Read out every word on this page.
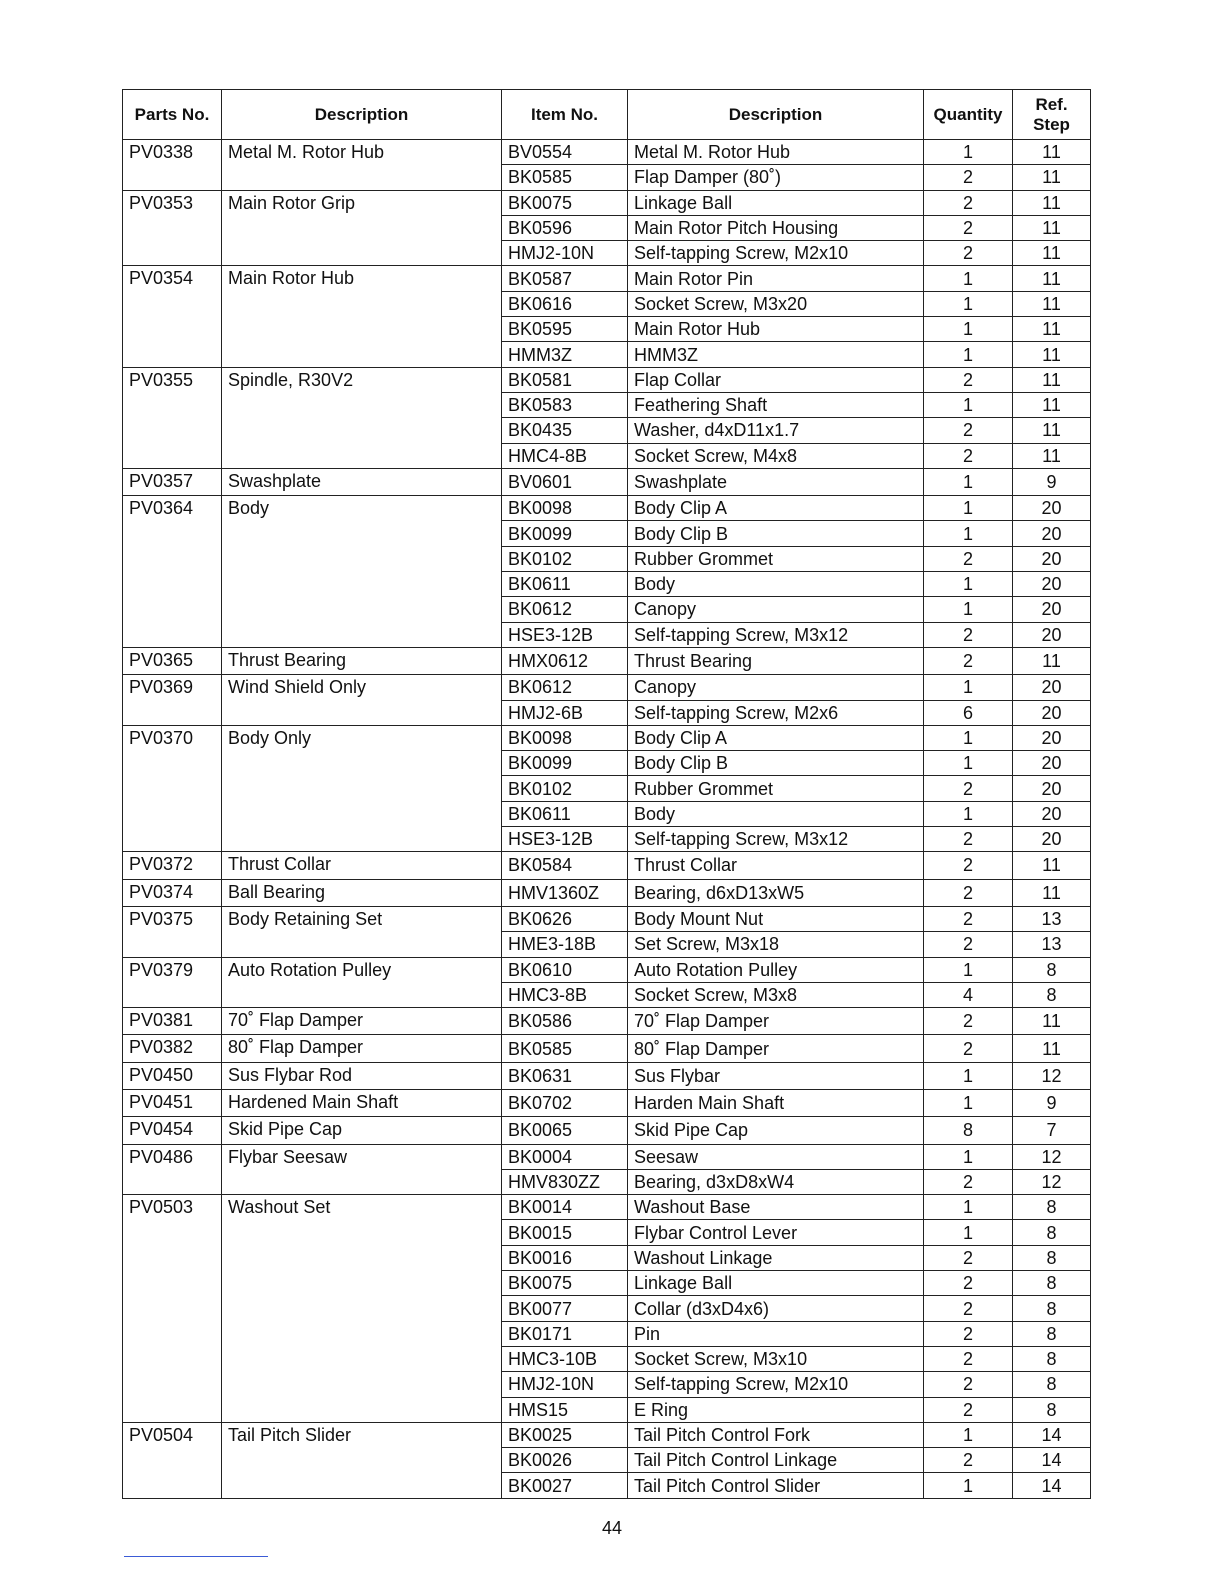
Parts No.	Description	Item No.	Description	Quantity	Ref.
Step
PV0338	Metal M. Rotor Hub	BV0554	Metal M. Rotor Hub	1	11
		BK0585	Flap Damper (80˚)	2	11
PV0353	Main Rotor Grip	BK0075	Linkage Ball	2	11
		BK0596	Main Rotor Pitch Housing	2	11
		HMJ2-10N	Self-tapping Screw, M2x10	2	11
PV0354	Main Rotor Hub	BK0587	Main Rotor Pin	1	11
		BK0616	Socket Screw, M3x20	1	11
		BK0595	Main Rotor Hub	1	11
		HMM3Z	HMM3Z	1	11
PV0355	Spindle, R30V2	BK0581	Flap Collar	2	11
		BK0583	Feathering Shaft	1	11
		BK0435	Washer, d4xD11x1.7	2	11
		HMC4-8B	Socket Screw, M4x8	2	11
PV0357	Swashplate	BV0601	Swashplate	1	9
PV0364	Body	BK0098	Body Clip A	1	20
		BK0099	Body Clip B	1	20
		BK0102	Rubber Grommet	2	20
		BK0611	Body	1	20
		BK0612	Canopy	1	20
		HSE3-12B	Self-tapping Screw, M3x12	2	20
PV0365	Thrust Bearing	HMX0612	Thrust Bearing	2	11
PV0369	Wind Shield Only	BK0612	Canopy	1	20
		HMJ2-6B	Self-tapping Screw, M2x6	6	20
PV0370	Body Only	BK0098	Body Clip A	1	20
		BK0099	Body Clip B	1	20
		BK0102	Rubber Grommet	2	20
		BK0611	Body	1	20
		HSE3-12B	Self-tapping Screw, M3x12	2	20
PV0372	Thrust Collar	BK0584	Thrust Collar	2	11
PV0374	Ball Bearing	HMV1360Z	Bearing, d6xD13xW5	2	11
PV0375	Body Retaining Set	BK0626	Body Mount Nut	2	13
		HME3-18B	Set Screw, M3x18	2	13
PV0379	Auto Rotation Pulley	BK0610	Auto Rotation Pulley	1	8
		HMC3-8B	Socket Screw, M3x8	4	8
PV0381	70˚ Flap Damper	BK0586	70˚ Flap Damper	2	11
PV0382	80˚ Flap Damper	BK0585	80˚ Flap Damper	2	11
PV0450	Sus Flybar Rod	BK0631	Sus Flybar	1	12
PV0451	Hardened Main Shaft	BK0702	Harden Main Shaft	1	9
PV0454	Skid Pipe Cap	BK0065	Skid Pipe Cap	8	7
PV0486	Flybar Seesaw	BK0004	Seesaw	1	12
		HMV830ZZ	Bearing, d3xD8xW4	2	12
PV0503	Washout Set	BK0014	Washout Base	1	8
		BK0015	Flybar Control Lever	1	8
		BK0016	Washout Linkage	2	8
		BK0075	Linkage Ball	2	8
		BK0077	Collar (d3xD4x6)	2	8
		BK0171	Pin	2	8
		HMC3-10B	Socket Screw, M3x10	2	8
		HMJ2-10N	Self-tapping Screw, M2x10	2	8
		HMS15	E Ring	2	8
PV0504	Tail Pitch Slider	BK0025	Tail Pitch Control Fork	1	14
		BK0026	Tail Pitch Control Linkage	2	14
		BK0027	Tail Pitch Control Slider	1	14
44
